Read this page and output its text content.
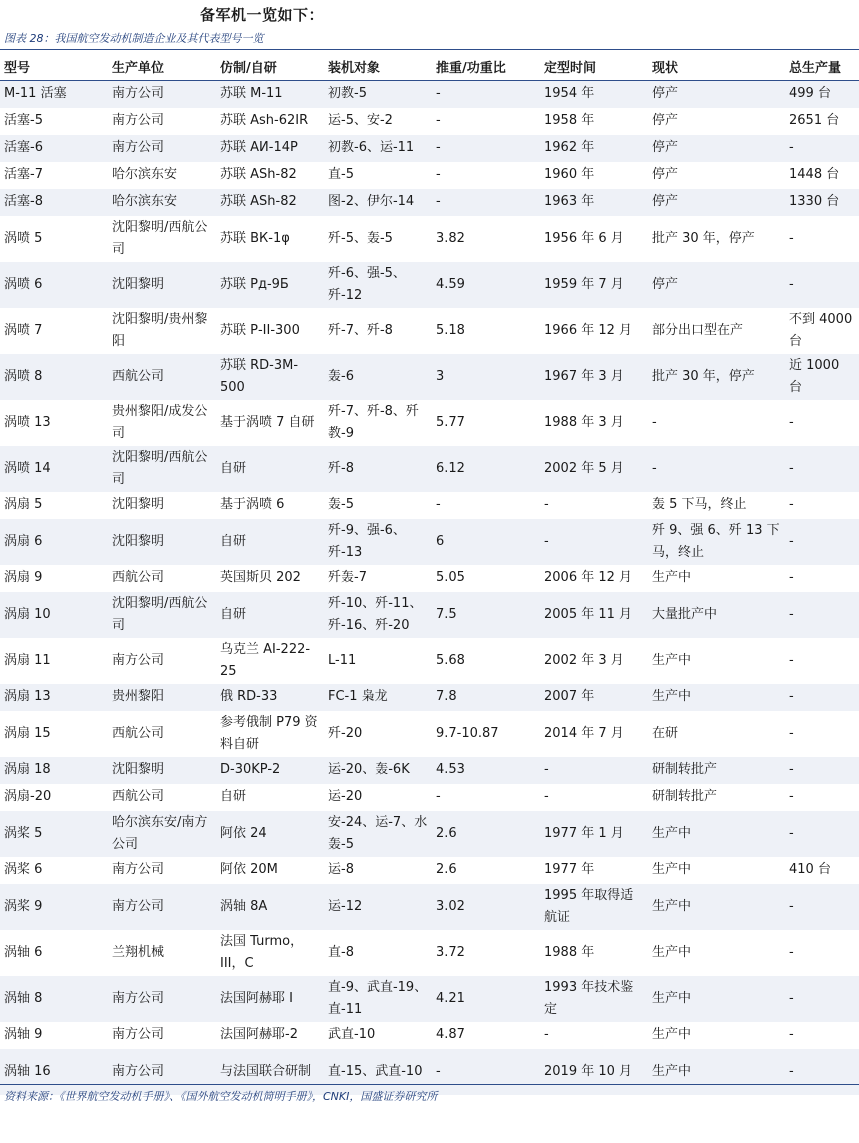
备军机一览如下：
图表 28：我国航空发动机制造企业及其代表型号一览
型号	生产单位	仿制/自研	装机对象	推重/功重比	定型时间	现状	总生产量
M-11 活塞	南方公司	苏联 M-11	初教-5	-	1954 年	停产	499 台
活塞-5	南方公司	苏联 Ash-62IR	运-5、安-2	-	1958 年	停产	2651 台
活塞-6	南方公司	苏联 АИ-14Р	初教-6、运-11	-	1962 年	停产	-
活塞-7	哈尔滨东安	苏联 ASh-82	直-5	-	1960 年	停产	1448 台
活塞-8	哈尔滨东安	苏联 ASh-82	图-2、伊尔-14	-	1963 年	停产	1330 台
涡喷 5	沈阳黎明/西航公司	苏联 ВК-1φ	歼-5、轰-5	3.82	1956 年 6 月	批产 30 年，停产	-
涡喷 6	沈阳黎明	苏联 Рд-9Б	歼-6、强-5、歼-12	4.59	1959 年 7 月	停产	-
涡喷 7	沈阳黎明/贵州黎阳	苏联 Р-II-300	歼-7、歼-8	5.18	1966 年 12 月	部分出口型在产	不到 4000 台
涡喷 8	西航公司	苏联 RD-3M-500	轰-6	3	1967 年 3 月	批产 30 年，停产	近 1000 台
涡喷 13	贵州黎阳/成发公司	基于涡喷 7 自研	歼-7、歼-8、歼教-9	5.77	1988 年 3 月	-	-
涡喷 14	沈阳黎明/西航公司	自研	歼-8	6.12	2002 年 5 月	-	-
涡扇 5	沈阳黎明	基于涡喷 6	轰-5	-	-	轰 5 下马，终止	-
涡扇 6	沈阳黎明	自研	歼-9、强-6、歼-13	6	-	歼 9、强 6、歼 13 下马，终止	-
涡扇 9	西航公司	英国斯贝 202	歼轰-7	5.05	2006 年 12 月	生产中	-
涡扇 10	沈阳黎明/西航公司	自研	歼-10、歼-11、歼-16、歼-20	7.5	2005 年 11 月	大量批产中	-
涡扇 11	南方公司	乌克兰 AI-222-25	L-11	5.68	2002 年 3 月	生产中	-
涡扇 13	贵州黎阳	俄 RD-33	FC-1 枭龙	7.8	2007 年	生产中	-
涡扇 15	西航公司	参考俄制 P79 资料自研	歼-20	9.7-10.87	2014 年 7 月	在研	-
涡扇 18	沈阳黎明	D-30KP-2	运-20、轰-6K	4.53	-	研制转批产	-
涡扇-20	西航公司	自研	运-20	-	-	研制转批产	-
涡桨 5	哈尔滨东安/南方公司	阿依 24	安-24、运-7、水轰-5	2.6	1977 年 1 月	生产中	-
涡桨 6	南方公司	阿依 20M	运-8	2.6	1977 年	生产中	410 台
涡桨 9	南方公司	涡轴 8A	运-12	3.02	1995 年取得适航证	生产中	-
涡轴 6	兰翔机械	法国 Turmo，III，C	直-8	3.72	1988 年	生产中	-
涡轴 8	南方公司	法国阿赫耶 I	直-9、武直-19、直-11	4.21	1993 年技术鉴定	生产中	-
涡轴 9	南方公司	法国阿赫耶-2	武直-10	4.87	-	生产中	-
涡轴 16	南方公司	与法国联合研制	直-15、武直-10	-	2019 年 10 月	生产中	-
资料来源：《世界航空发动机手册》、《国外航空发动机简明手册》，CNKI，国盛证券研究所
